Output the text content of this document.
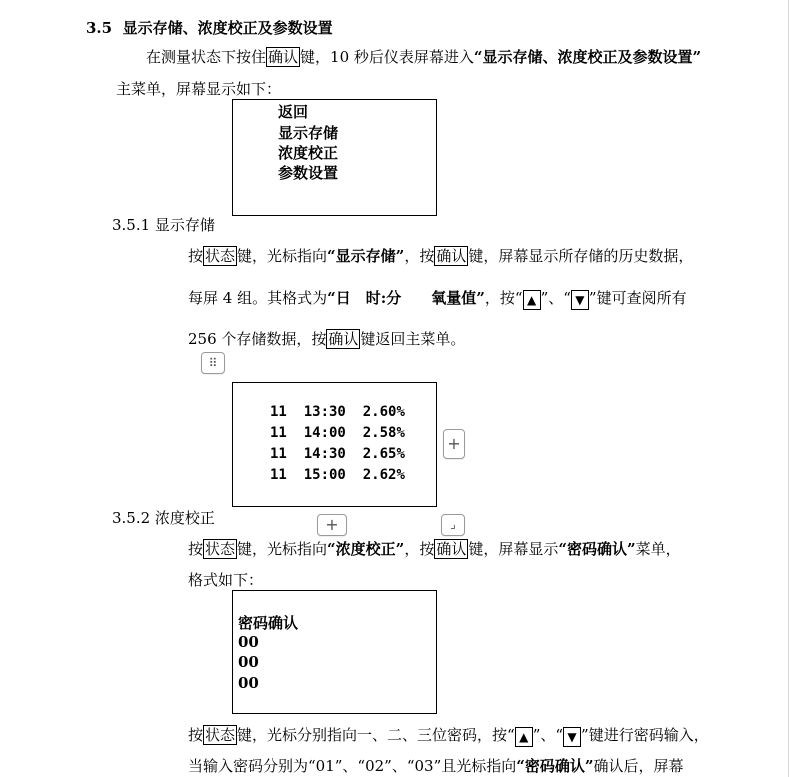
3.5 显示存储、浓度校正及参数设置
在测量状态下按住 确认 键，10 秒后仪表屏幕进入“显示存储、浓度校正及参数设置”
主菜单，屏幕显示如下：
返回
显示存储
浓度校正
参数设置
3.5.1 显示存储
按 状态 键，光标指向“显示存储”，按 确认 键，屏幕显示所存储的历史数据，
每屏 4 组。其格式为“日　时:分　　氧量值”，按“ ▲ ”、“ ▼ ”键可查阅所有
256 个存储数据，按 确认 键返回主菜单。
⠿
11 13:30 2.60%
11 14:00 2.58%
11 14:30 2.65%
11 15:00 2.62%
+
+	⌟
3.5.2 浓度校正
按 状态 键，光标指向“浓度校正”，按 确认 键，屏幕显示“密码确认”菜单，
格式如下：
密码确认
00
00
00
按 状态 键，光标分别指向一、二、三位密码，按“ ▲ ”、“ ▼ ”键进行密码输入，
当输入密码分别为“01”、“02”、“03”且光标指向“密码确认”确认后，屏幕
